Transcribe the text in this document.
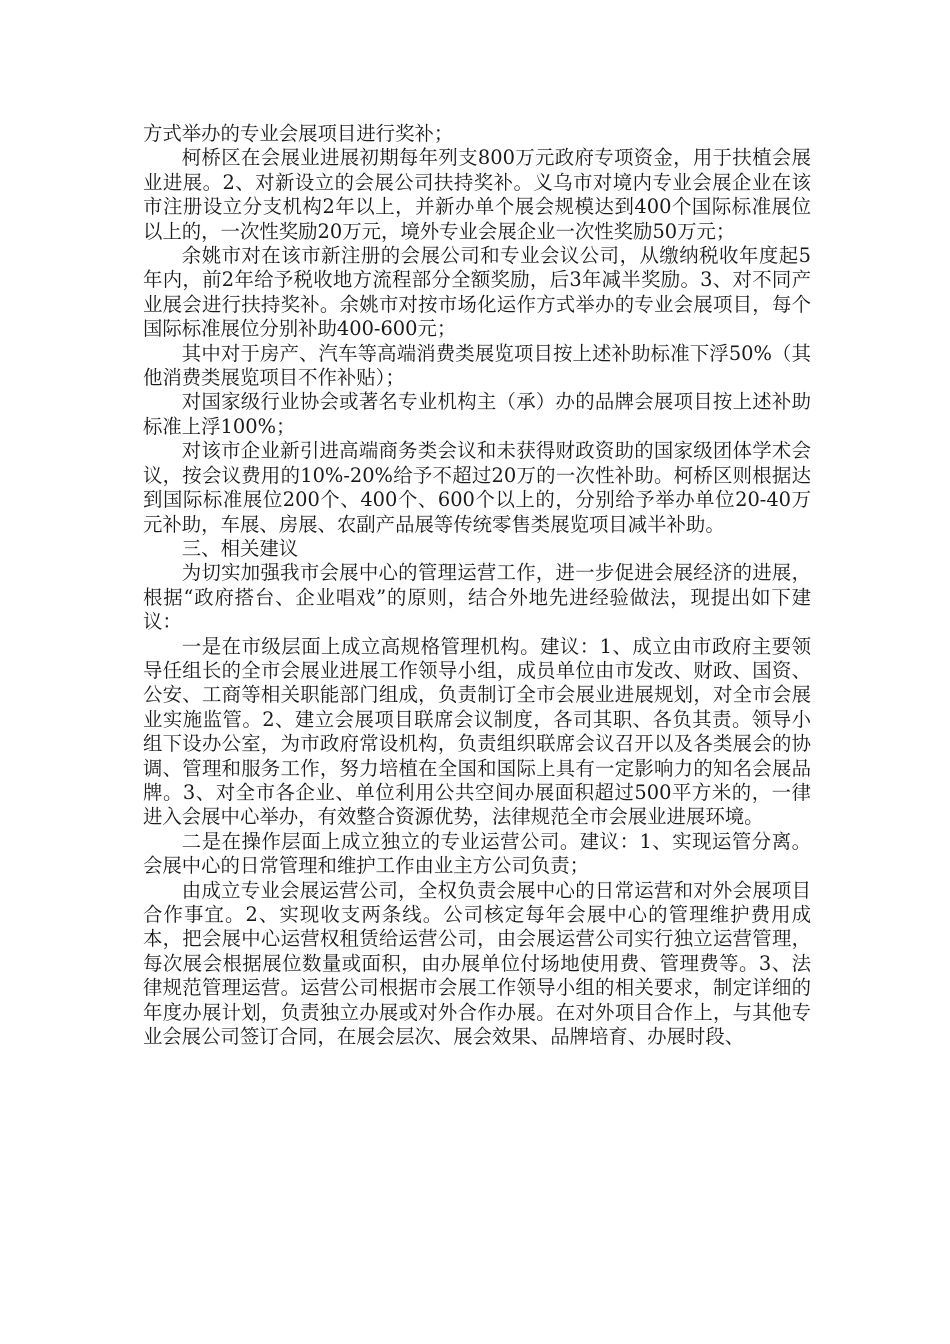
方式举办的专业会展项目进行奖补；

柯桥区在会展业进展初期每年列支800万元政府专项资金，用于扶植会展业进展。2、对新设立的会展公司扶持奖补。义乌市对境内专业会展企业在该市注册设立分支机构2年以上，并新办单个展会规模达到400个国际标准展位以上的，一次性奖励20万元，境外专业会展企业一次性奖励50万元；

余姚市对在该市新注册的会展公司和专业会议公司，从缴纳税收年度起5年内，前2年给予税收地方流程部分全额奖励，后3年减半奖励。3、对不同产业展会进行扶持奖补。余姚市对按市场化运作方式举办的专业会展项目，每个国际标准展位分别补助400-600元；

其中对于房产、汽车等高端消费类展览项目按上述补助标准下浮50%（其他消费类展览项目不作补贴）；

对国家级行业协会或著名专业机构主（承）办的品牌会展项目按上述补助标准上浮100%；

对该市企业新引进高端商务类会议和未获得财政资助的国家级团体学术会议，按会议费用的10%-20%给予不超过20万的一次性补助。柯桥区则根据达到国际标准展位200个、400个、600个以上的，分别给予举办单位20-40万元补助，车展、房展、农副产品展等传统零售类展览项目减半补助。

三、相关建议

为切实加强我市会展中心的管理运营工作，进一步促进会展经济的进展，根据“政府搭台、企业唱戏”的原则，结合外地先进经验做法，现提出如下建议：

一是在市级层面上成立高规格管理机构。建议：1、成立由市政府主要领导任组长的全市会展业进展工作领导小组，成员单位由市发改、财政、国资、公安、工商等相关职能部门组成，负责制订全市会展业进展规划，对全市会展业实施监管。2、建立会展项目联席会议制度，各司其职、各负其责。领导小组下设办公室，为市政府常设机构，负责组织联席会议召开以及各类展会的协调、管理和服务工作，努力培植在全国和国际上具有一定影响力的知名会展品牌。3、对全市各企业、单位利用公共空间办展面积超过500平方米的，一律进入会展中心举办，有效整合资源优势，法律规范全市会展业进展环境。

二是在操作层面上成立独立的专业运营公司。建议：1、实现运管分离。会展中心的日常管理和维护工作由业主方公司负责；

由成立专业会展运营公司，全权负责会展中心的日常运营和对外会展项目合作事宜。2、实现收支两条线。公司核定每年会展中心的管理维护费用成本，把会展中心运营权租赁给运营公司，由会展运营公司实行独立运营管理，每次展会根据展位数量或面积，由办展单位付场地使用费、管理费等。3、法律规范管理运营。运营公司根据市会展工作领导小组的相关要求，制定详细的年度办展计划，负责独立办展或对外合作办展。在对外项目合作上，与其他专业会展公司签订合同，在展会层次、展会效果、品牌培育、办展时段、
